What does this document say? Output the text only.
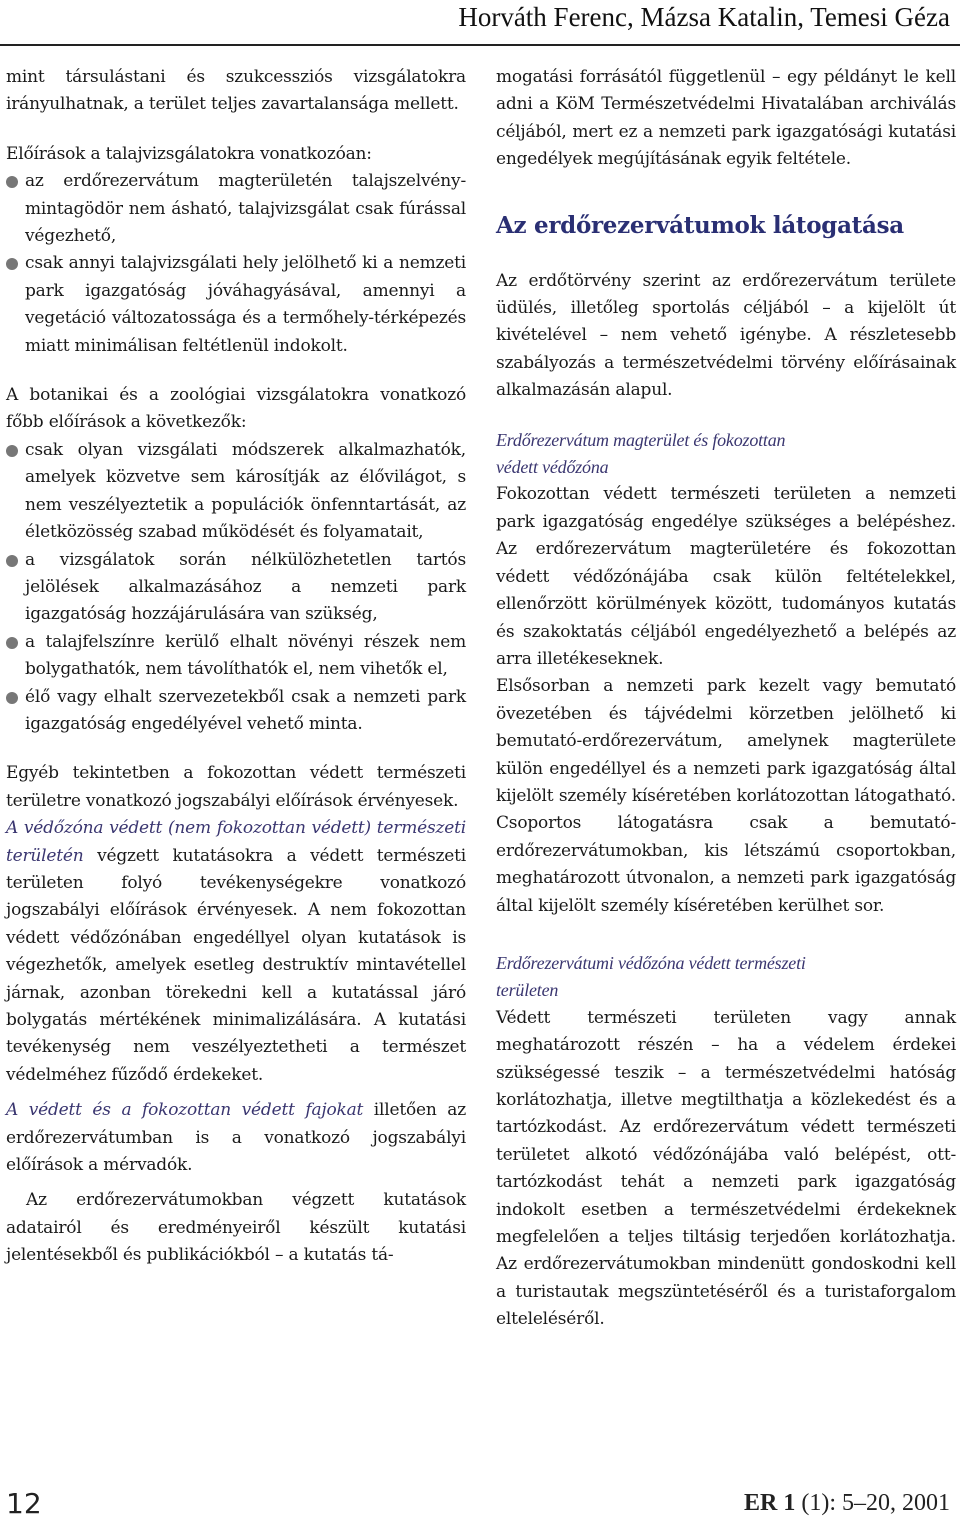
Horváth Ferenc, Mázsa Katalin, Temesi Géza

mint társulástani és szukcessziós vizsgálatokra irányulhatnak, a terület teljes zavartalansága mellett.

Előírások a talajvizsgálatokra vonatkozóan:

az erdőrezervátum magterületén talajszelvény-mintagödör nem ásható, talajvizsgálat csak fúrással végezhető,
csak annyi talajvizsgálati hely jelölhető ki a nemzeti park igazgatóság jóváhagyásával, amennyi a vegetáció változatossága és a termőhely-térképezés miatt minimálisan feltétlenül indokolt.

A botanikai és a zoológiai vizsgálatokra vonatkozó főbb előírások a következők:

csak olyan vizsgálati módszerek alkalmazhatók, amelyek közvetve sem károsítják az élővilágot, s nem veszélyeztetik a populációk önfenntartását, az életközösség szabad működését és folyamatait,
a vizsgálatok során nélkülözhetetlen tartós jelölések alkalmazásához a nemzeti park igazgatóság hozzájárulására van szükség,
a talajfelszínre kerülő elhalt növényi részek nem bolygathatók, nem távolíthatók el, nem vihetők el,
élő vagy elhalt szervezetekből csak a nemzeti park igazgatóság engedélyével vehető minta.

Egyéb tekintetben a fokozottan védett természeti területre vonatkozó jogszabályi előírások érvényesek.

A védőzóna védett (nem fokozottan védett) természeti területén végzett kutatásokra a védett természeti területen folyó tevékenységekre vonatkozó jogszabályi előírások érvényesek. A nem fokozottan védett védőzónában engedéllyel olyan kutatások is végezhetők, amelyek esetleg destruktív mintavétellel járnak, azonban törekedni kell a kutatással járó bolygatás mértékének minimalizálására. A kutatási tevékenység nem veszélyeztetheti a természet védelméhez fűződő érdekeket.

A védett és a fokozottan védett fajokat illetően az erdőrezervátumban is a vonatkozó jogszabályi előírások a mérvadók.

Az erdőrezervátumokban végzett kutatások adatairól és eredményeiről készült kutatási jelentésekből és publikációkból – a kutatás tá-

mogatási forrásától függetlenül – egy példányt le kell adni a KöM Természetvédelmi Hivatalában archiválás céljából, mert ez a nemzeti park igazgatósági kutatási engedélyek megújításának egyik feltétele.

Az erdőrezervátumok látogatása

Az erdőtörvény szerint az erdőrezervátum területe üdülés, illetőleg sportolás céljából – a kijelölt út kivételével – nem vehető igénybe. A részletesebb szabályozás a természetvédelmi törvény előírásainak alkalmazásán alapul.

Erdőrezervátum magterület és fokozottan
védett védőzóna

Fokozottan védett természeti területen a nemzeti park igazgatóság engedélye szükséges a belépéshez. Az erdőrezervátum magterületére és fokozottan védett védőzónájába csak külön feltételekkel, ellenőrzött körülmények között, tudományos kutatás és szakoktatás céljából engedélyezhető a belépés az arra illetékeseknek.

Elsősorban a nemzeti park kezelt vagy bemutató övezetében és tájvédelmi körzetben jelölhető ki bemutató-erdőrezervátum, amelynek magterülete külön engedéllyel és a nemzeti park igazgatóság által kijelölt személy kíséretében korlátozottan látogatható. Csoportos látogatásra csak a bemutató-erdőrezervátumokban, kis létszámú csoportokban, meghatározott útvonalon, a nemzeti park igazgatóság által kijelölt személy kíséretében kerülhet sor.

Erdőrezervátumi védőzóna védett természeti
területen

Védett természeti területen vagy annak meghatározott részén – ha a védelem érdekei szükségessé teszik – a természetvédelmi hatóság korlátozhatja, illetve megtilthatja a közlekedést és a tartózkodást. Az erdőrezervátum védett természeti területet alkotó védőzónájába való belépést, ott-tartózkodást tehát a nemzeti park igazgatóság indokolt esetben a természetvédelmi érdekeknek megfelelően a teljes tiltásig terjedően korlátozhatja. Az erdőrezervátumokban mindenütt gondoskodni kell a turistautak megszüntetéséről és a turistaforgalom elteleléséről.

12	ER 1 (1): 5–20, 2001
